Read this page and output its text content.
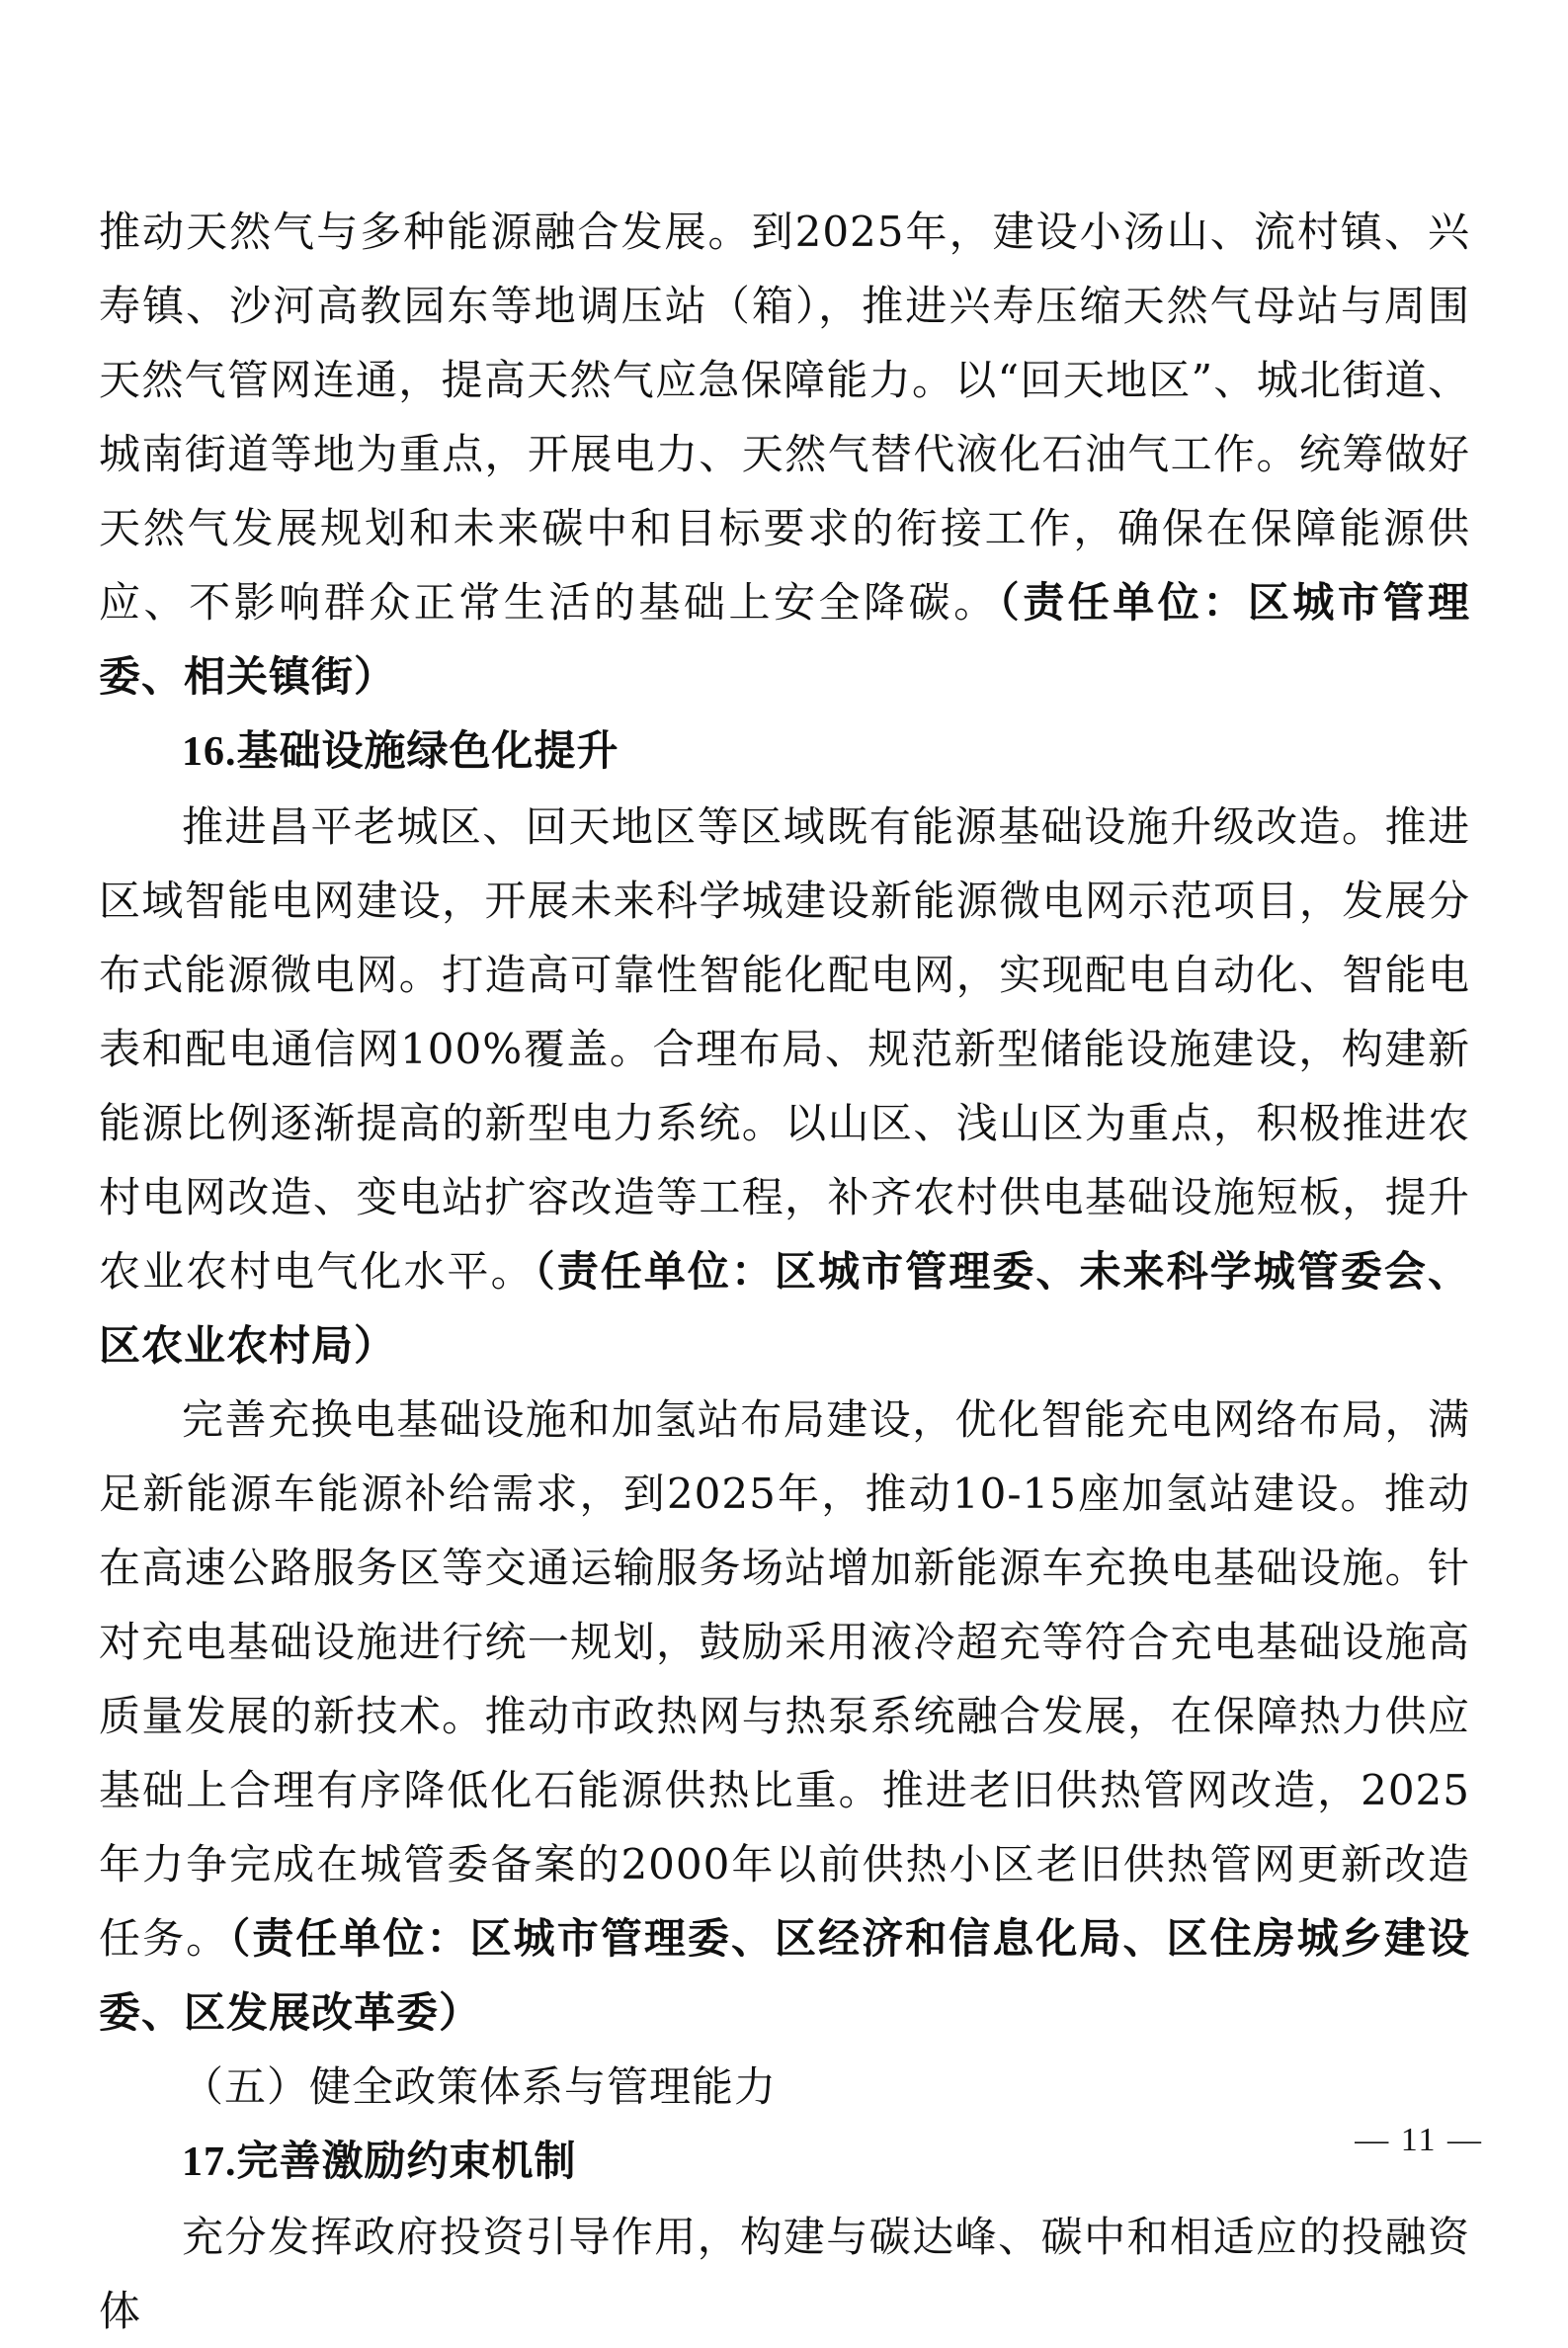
推动天然气与多种能源融合发展。到2025年，建设小汤山、流村镇、兴寿镇、沙河高教园东等地调压站（箱），推进兴寿压缩天然气母站与周围天然气管网连通，提高天然气应急保障能力。以“回天地区”、城北街道、城南街道等地为重点，开展电力、天然气替代液化石油气工作。统筹做好天然气发展规划和未来碳中和目标要求的衔接工作，确保在保障能源供应、不影响群众正常生活的基础上安全降碳。（责任单位：区城市管理委、相关镇街）

16.基础设施绿色化提升

推进昌平老城区、回天地区等区域既有能源基础设施升级改造。推进区域智能电网建设，开展未来科学城建设新能源微电网示范项目，发展分布式能源微电网。打造高可靠性智能化配电网，实现配电自动化、智能电表和配电通信网100%覆盖。合理布局、规范新型储能设施建设，构建新能源比例逐渐提高的新型电力系统。以山区、浅山区为重点，积极推进农村电网改造、变电站扩容改造等工程，补齐农村供电基础设施短板，提升农业农村电气化水平。（责任单位：区城市管理委、未来科学城管委会、区农业农村局）

完善充换电基础设施和加氢站布局建设，优化智能充电网络布局，满足新能源车能源补给需求，到2025年，推动10-15座加氢站建设。推动在高速公路服务区等交通运输服务场站增加新能源车充换电基础设施。针对充电基础设施进行统一规划，鼓励采用液冷超充等符合充电基础设施高质量发展的新技术。推动市政热网与热泵系统融合发展，在保障热力供应基础上合理有序降低化石能源供热比重。推进老旧供热管网改造，2025年力争完成在城管委备案的2000年以前供热小区老旧供热管网更新改造任务。（责任单位：区城市管理委、区经济和信息化局、区住房城乡建设委、区发展改革委）

（五）健全政策体系与管理能力

17.完善激励约束机制

充分发挥政府投资引导作用，构建与碳达峰、碳中和相适应的投融资体

— 11 —
